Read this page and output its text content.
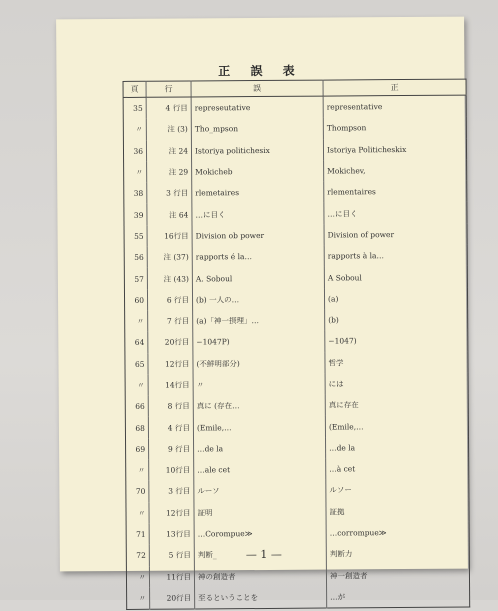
正 誤 表
頁	行	誤	正
35	4 行目	represeutative	representative
〃	注 (3)	Tho_mpson	Thompson
36	注 24	Istoriya politichesix	Istoriya Politicheskix
〃	注 29	Mokicheb	Mokichev,
38	3 行目	rlemetaires	rlementaires
39	注 64	…に目く	…に目く
55	16行目	Division ob power	Division of power
56	注 (37)	rapports é la…	rapports à la…
57	注 (43)	A. Soboul	A Soboul
60	6 行目	(b) 一人の…	(a)
〃	7 行目	(a)「神一摂理」…	(b)
64	20行目	−1047P)	−1047)
65	12行目	(不鮮明部分)	哲学
〃	14行目	〃	には
66	8 行目	真に (存在…	真に存在
68	4 行目	(Emile,…	(Emile,…
69	9 行目	…de la	…de la
〃	10行目	…ale cet	…à cet
70	3 行目	ルーソ	ルソー
〃	12行目	証明	証拠
71	13行目	…Corompue≫	…corrompue≫
72	5 行目	判断_	判断力
〃	11行目	神の創造者	神一創造者
〃	20行目	至るということを	…が
— 1 —
